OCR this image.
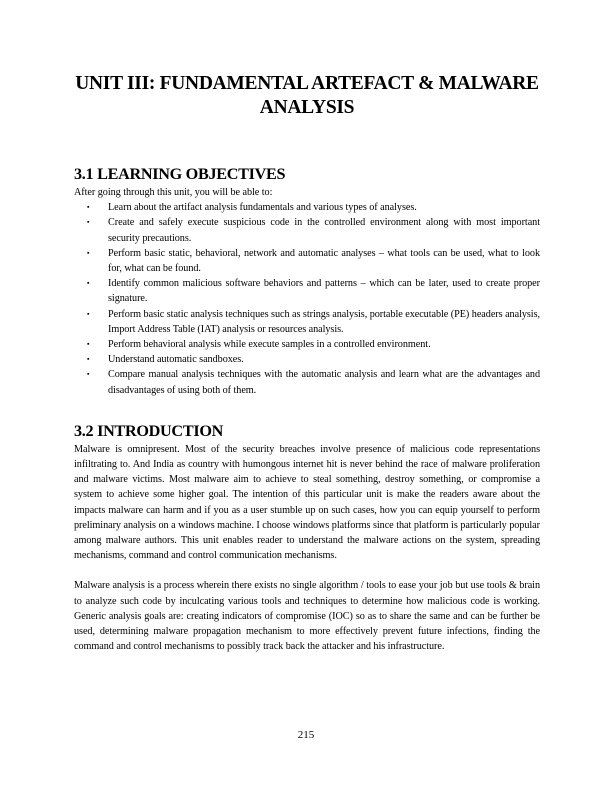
UNIT III: FUNDAMENTAL ARTEFACT & MALWARE
ANALYSIS
3.1 LEARNING OBJECTIVES

After going through this unit, you will be able to:

▪ Learn about the artifact analysis fundamentals and various types of analyses.
▪ Create and safely execute suspicious code in the controlled environment along with most important security precautions.
▪ Perform basic static, behavioral, network and automatic analyses – what tools can be used, what to look for, what can be found.
▪ Identify common malicious software behaviors and patterns – which can be later, used to create proper signature.
▪ Perform basic static analysis techniques such as strings analysis, portable executable (PE) headers analysis, Import Address Table (IAT) analysis or resources analysis.
▪ Perform behavioral analysis while execute samples in a controlled environment.
▪ Understand automatic sandboxes.
▪ Compare manual analysis techniques with the automatic analysis and learn what are the advantages and disadvantages of using both of them.
3.2 INTRODUCTION

Malware is omnipresent. Most of the security breaches involve presence of malicious code representations infiltrating to. And India as country with humongous internet hit is never behind the race of malware proliferation and malware victims. Most malware aim to achieve to steal something, destroy something, or compromise a system to achieve some higher goal. The intention of this particular unit is make the readers aware about the impacts malware can harm and if you as a user stumble up on such cases, how you can equip yourself to perform preliminary analysis on a windows machine. I choose windows platforms since that platform is particularly popular among malware authors. This unit enables reader to understand the malware actions on the system, spreading mechanisms, command and control communication mechanisms.

Malware analysis is a process wherein there exists no single algorithm / tools to ease your job but use tools & brain to analyze such code by inculcating various tools and techniques to determine how malicious code is working. Generic analysis goals are: creating indicators of compromise (IOC) so as to share the same and can be further be used, determining malware propagation mechanism to more effectively prevent future infections, finding the command and control mechanisms to possibly track back the attacker and his infrastructure.

215
